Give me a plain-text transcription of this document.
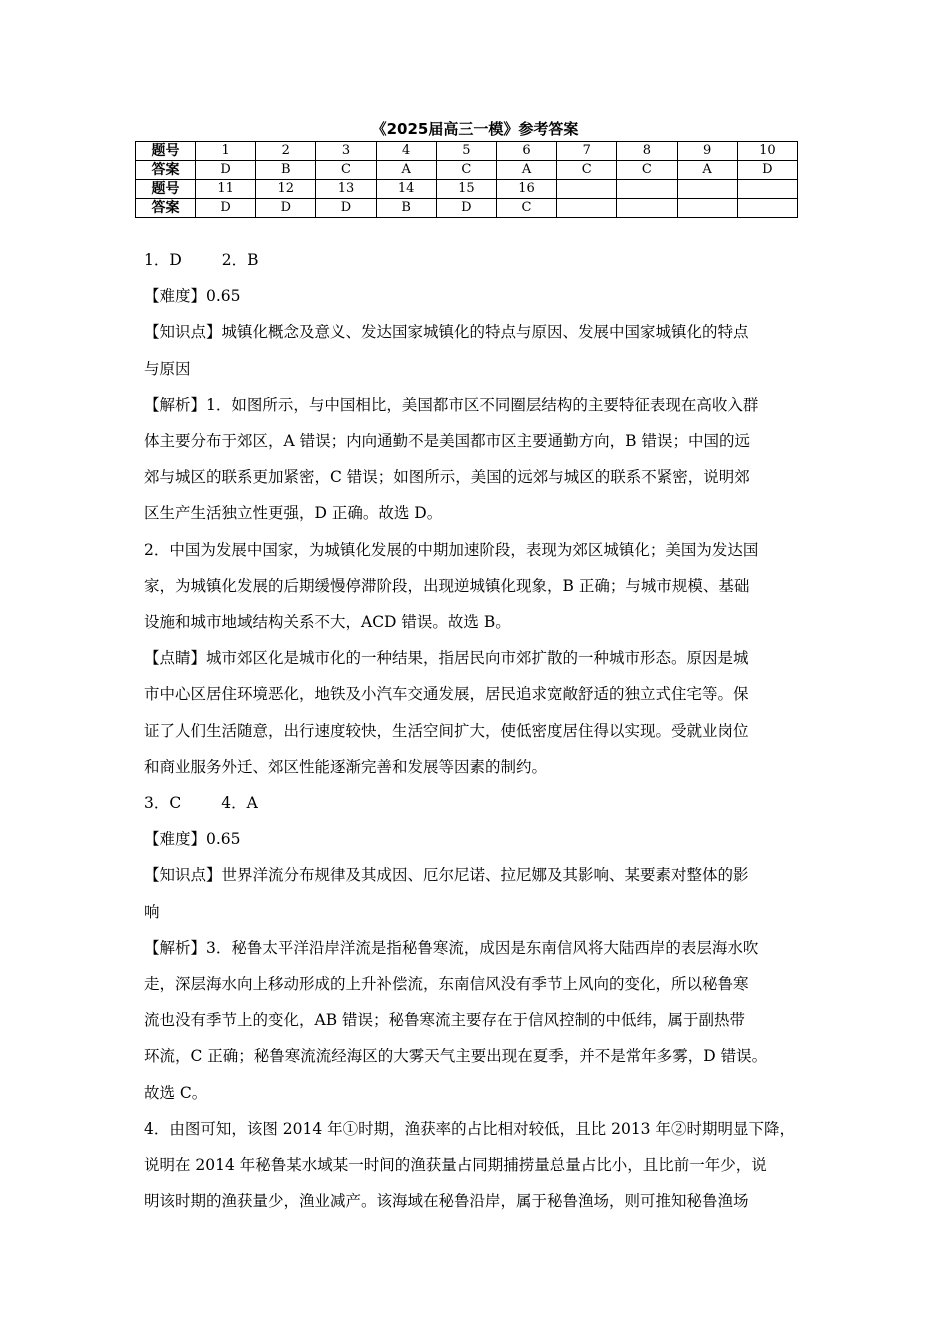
《2025届高三一模》参考答案
题号	1	2	3	4	5	6	7	8	9	10
答案	D	B	C	A	C	A	C	C	A	D
题号	11	12	13	14	15	16				
答案	D	D	D	B	D	C				

1．D	2．B

【难度】0.65

【知识点】城镇化概念及意义、发达国家城镇化的特点与原因、发展中国家城镇化的特点

与原因

【解析】1．如图所示，与中国相比，美国都市区不同圈层结构的主要特征表现在高收入群

体主要分布于郊区，A 错误；内向通勤不是美国都市区主要通勤方向，B 错误；中国的远

郊与城区的联系更加紧密，C 错误；如图所示，美国的远郊与城区的联系不紧密，说明郊

区生产生活独立性更强，D 正确。故选 D。

2．中国为发展中国家，为城镇化发展的中期加速阶段，表现为郊区城镇化；美国为发达国

家，为城镇化发展的后期缓慢停滞阶段，出现逆城镇化现象，B 正确；与城市规模、基础

设施和城市地域结构关系不大，ACD 错误。故选 B。

【点睛】城市郊区化是城市化的一种结果，指居民向市郊扩散的一种城市形态。原因是城

市中心区居住环境恶化，地铁及小汽车交通发展，居民追求宽敞舒适的独立式住宅等。保

证了人们生活随意，出行速度较快，生活空间扩大，使低密度居住得以实现。受就业岗位

和商业服务外迁、郊区性能逐渐完善和发展等因素的制约。

3．C	4．A

【难度】0.65

【知识点】世界洋流分布规律及其成因、厄尔尼诺、拉尼娜及其影响、某要素对整体的影

响

【解析】3．秘鲁太平洋沿岸洋流是指秘鲁寒流，成因是东南信风将大陆西岸的表层海水吹

走，深层海水向上移动形成的上升补偿流，东南信风没有季节上风向的变化，所以秘鲁寒

流也没有季节上的变化，AB 错误；秘鲁寒流主要存在于信风控制的中低纬，属于副热带

环流，C 正确；秘鲁寒流流经海区的大雾天气主要出现在夏季，并不是常年多雾，D 错误。

故选 C。

4．由图可知，该图 2014 年①时期，渔获率的占比相对较低，且比 2013 年②时期明显下降，

说明在 2014 年秘鲁某水域某一时间的渔获量占同期捕捞量总量占比小，且比前一年少，说

明该时期的渔获量少，渔业减产。该海域在秘鲁沿岸，属于秘鲁渔场，则可推知秘鲁渔场
